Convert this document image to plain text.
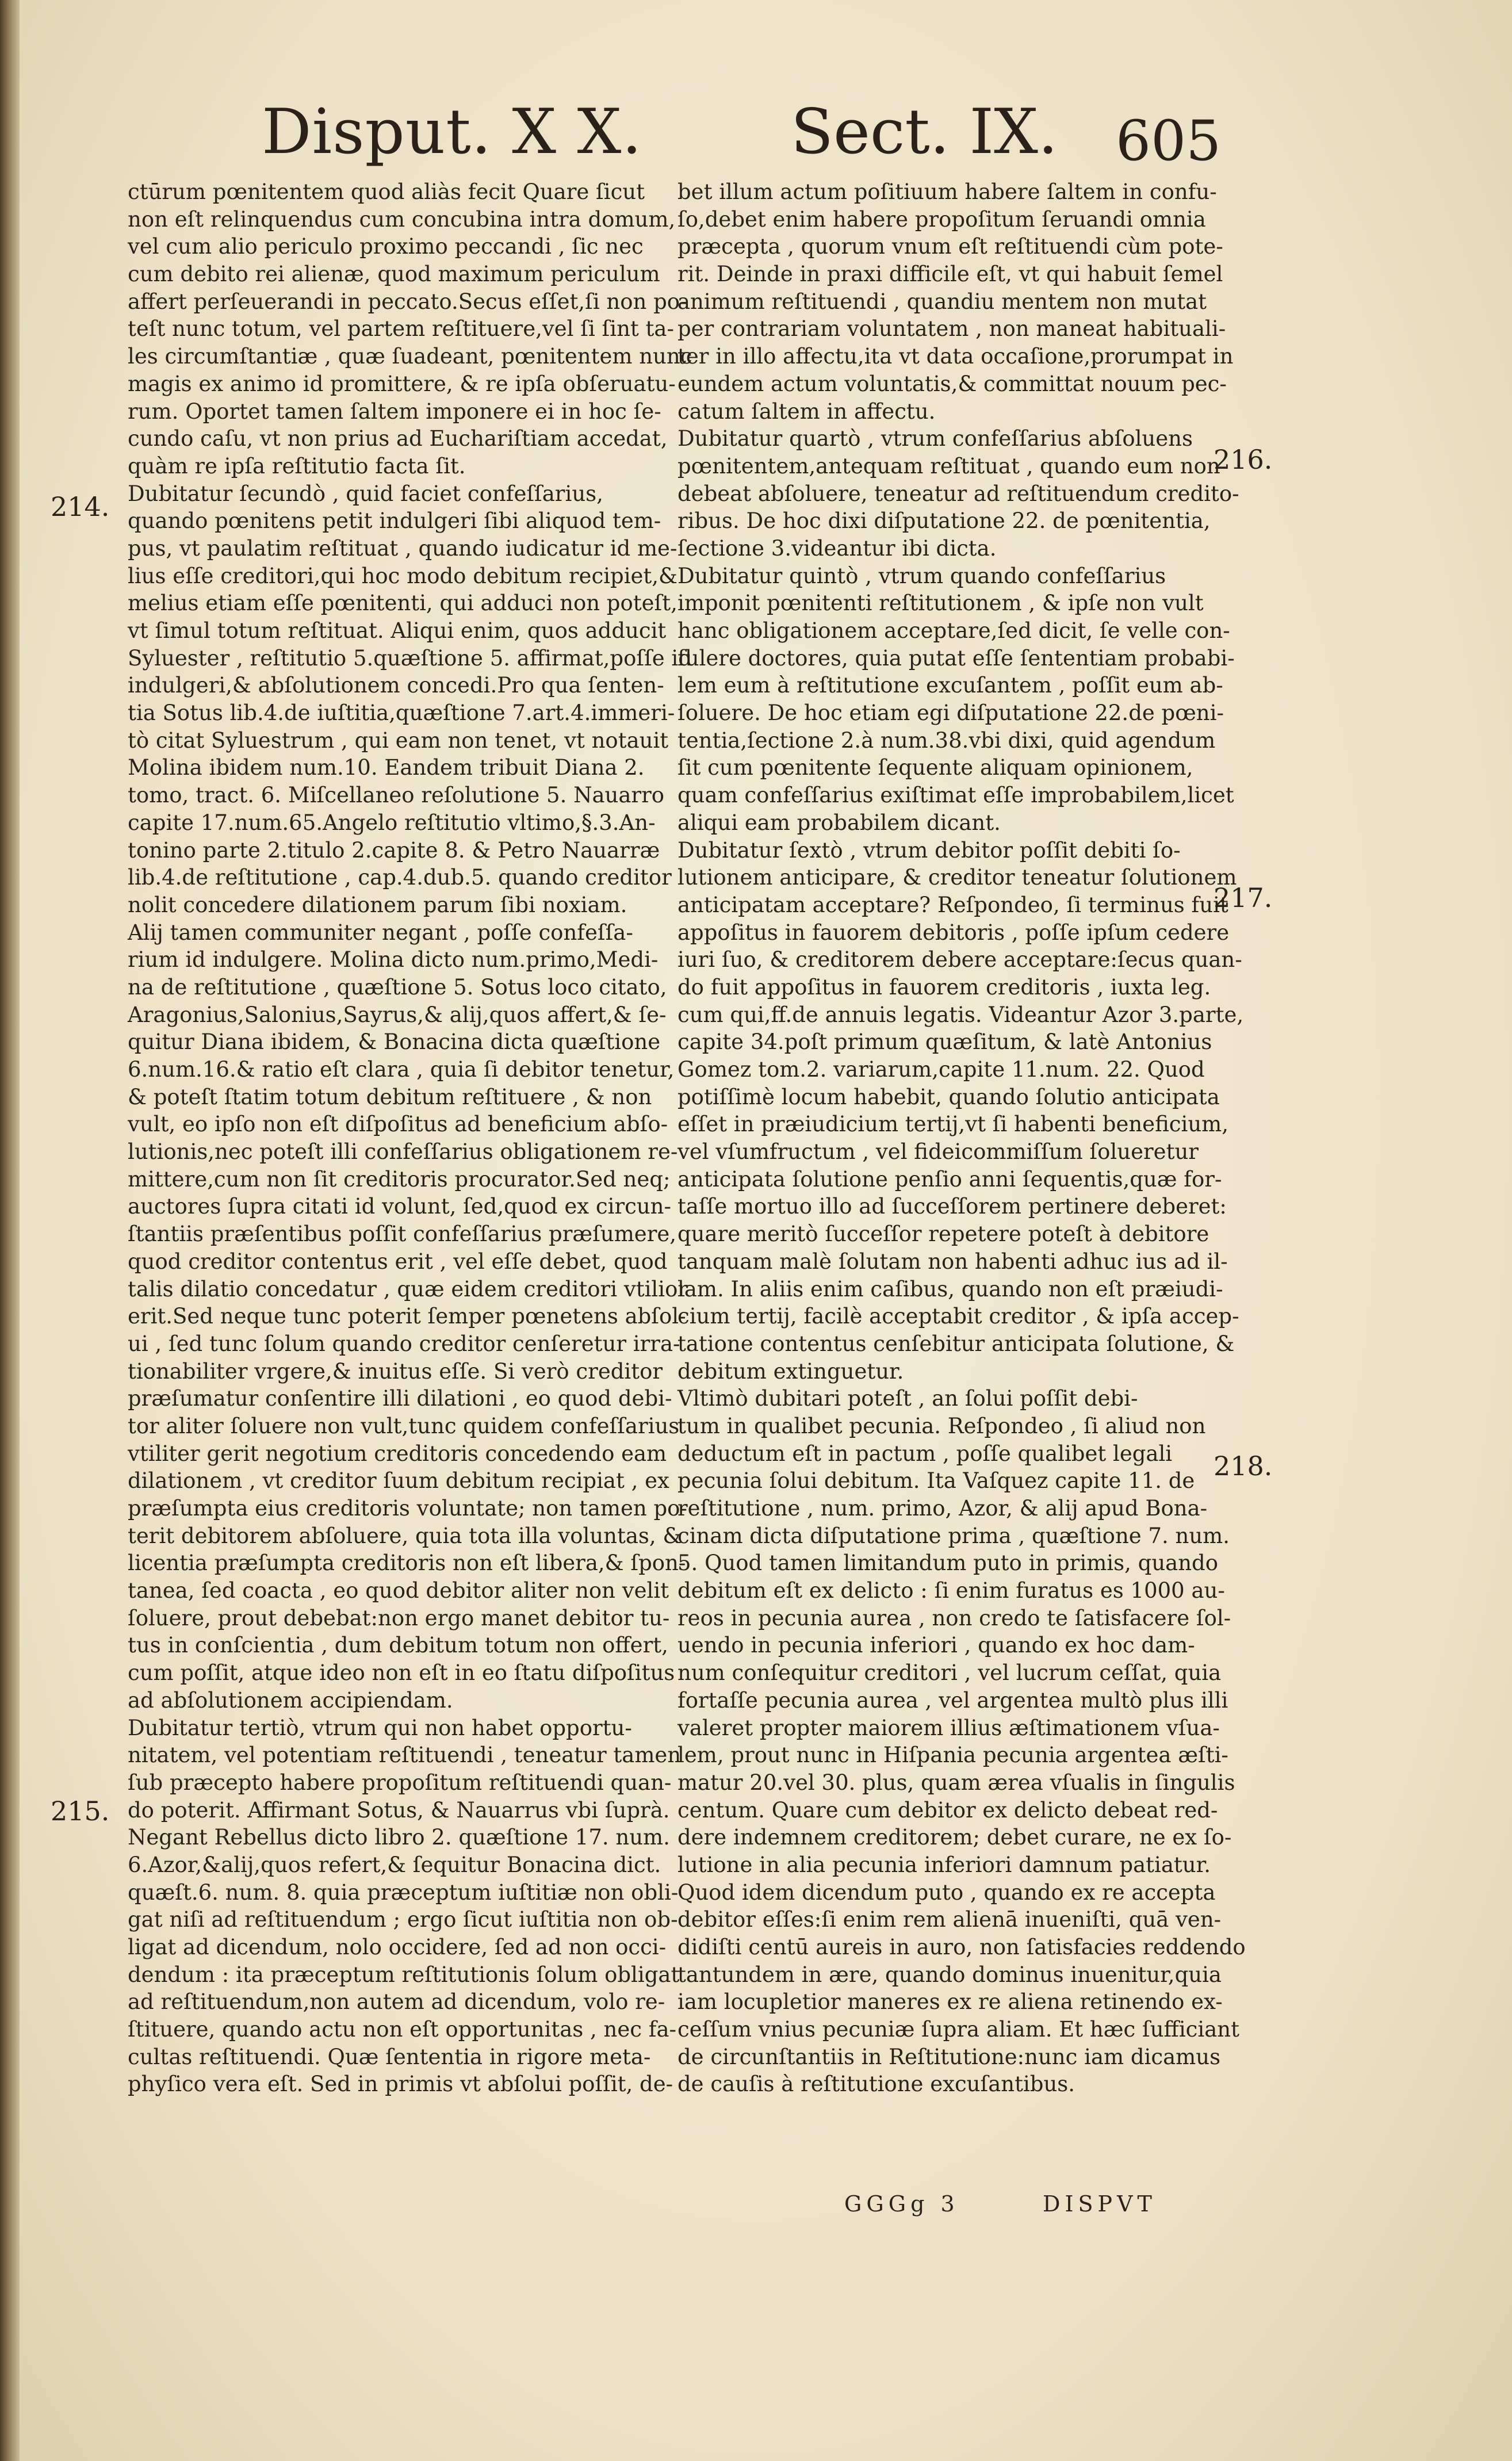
Disput. X X. Sect. IX. 605
214.
215.
216.
217.
218.
ctūrum pœnitentem quod aliàs fecit Quare ſicut
non eſt relinquendus cum concubina intra domum,
vel cum alio periculo proximo peccandi , ſic nec
cum debito rei alienæ, quod maximum periculum
affert perſeuerandi in peccato.Secus eſſet,ſi non po-
teſt nunc totum, vel partem reſtituere,vel ſi ſint ta-
les circumſtantiæ , quæ ſuadeant, pœnitentem nunc
magis ex animo id promittere, & re ipſa obſeruatu-
rum. Oportet tamen ſaltem imponere ei in hoc ſe-
cundo caſu, vt non prius ad Euchariſtiam accedat,
quàm re ipſa reſtitutio facta ſit.
Dubitatur ſecundò , quid faciet confeſſarius,
quando pœnitens petit indulgeri ſibi aliquod tem-
pus, vt paulatim reſtituat , quando iudicatur id me-
lius eſſe creditori,qui hoc modo debitum recipiet,&
melius etiam eſſe pœnitenti, qui adduci non poteſt,
vt ſimul totum reſtituat. Aliqui enim, quos adducit
Syluester , reſtitutio 5.quæſtione 5. affirmat,poſſe id
indulgeri,& abſolutionem concedi.Pro qua ſenten-
tia Sotus lib.4.de iuſtitia,quæſtione 7.art.4.immeri-
tò citat Syluestrum , qui eam non tenet, vt notauit
Molina ibidem num.10. Eandem tribuit Diana 2.
tomo, tract. 6. Miſcellaneo reſolutione 5. Nauarro
capite 17.num.65.Angelo reſtitutio vltimo,§.3.An-
tonino parte 2.titulo 2.capite 8. & Petro Nauarræ
lib.4.de reſtitutione , cap.4.dub.5. quando creditor
nolit concedere dilationem parum ſibi noxiam.
Alij tamen communiter negant , poſſe confeſſa-
rium id indulgere. Molina dicto num.primo,Medi-
na de reſtitutione , quæſtione 5. Sotus loco citato,
Aragonius,Salonius,Sayrus,& alij,quos affert,& ſe-
quitur Diana ibidem, & Bonacina dicta quæſtione
6.num.16.& ratio eſt clara , quia ſi debitor tenetur,
& poteſt ſtatim totum debitum reſtituere , & non
vult, eo ipſo non eſt diſpoſitus ad beneficium abſo-
lutionis,nec poteſt illi confeſſarius obligationem re-
mittere,cum non ſit creditoris procurator.Sed neq;
auctores ſupra citati id volunt, ſed,quod ex circun-
ſtantiis præſentibus poſſit confeſſarius præſumere,
quod creditor contentus erit , vel eſſe debet, quod
talis dilatio concedatur , quæ eidem creditori vtilior
erit.Sed neque tunc poterit ſemper pœnetens abſol-
ui , ſed tunc ſolum quando creditor cenſeretur irra-
tionabiliter vrgere,& inuitus eſſe. Si verò creditor
præſumatur conſentire illi dilationi , eo quod debi-
tor aliter ſoluere non vult,tunc quidem confeſſarius
vtiliter gerit negotium creditoris concedendo eam
dilationem , vt creditor ſuum debitum recipiat , ex
præſumpta eius creditoris voluntate; non tamen po-
terit debitorem abſoluere, quia tota illa voluntas, &
licentia præſumpta creditoris non eſt libera,& ſpon-
tanea, ſed coacta , eo quod debitor aliter non velit
ſoluere, prout debebat:non ergo manet debitor tu-
tus in conſcientia , dum debitum totum non offert,
cum poſſit, atque ideo non eſt in eo ſtatu diſpoſitus
ad abſolutionem accipiendam.
Dubitatur tertiò, vtrum qui non habet opportu-
nitatem, vel potentiam reſtituendi , teneatur tamen
ſub præcepto habere propoſitum reſtituendi quan-
do poterit. Affirmant Sotus, & Nauarrus vbi ſuprà.
Negant Rebellus dicto libro 2. quæſtione 17. num.
6.Azor,&alij,quos refert,& ſequitur Bonacina dict.
quæſt.6. num. 8. quia præceptum iuſtitiæ non obli-
gat niſi ad reſtituendum ; ergo ſicut iuſtitia non ob-
ligat ad dicendum, nolo occidere, ſed ad non occi-
dendum : ita præceptum reſtitutionis ſolum obligat
ad reſtituendum,non autem ad dicendum, volo re-
ſtituere, quando actu non eſt opportunitas , nec fa-
cultas reſtituendi. Quæ ſententia in rigore meta-
phyſico vera eſt. Sed in primis vt abſolui poſſit, de-
bet illum actum poſitiuum habere ſaltem in confu-
ſo,debet enim habere propoſitum ſeruandi omnia
præcepta , quorum vnum eſt reſtituendi cùm pote-
rit. Deinde in praxi difficile eſt, vt qui habuit ſemel
animum reſtituendi , quandiu mentem non mutat
per contrariam voluntatem , non maneat habituali-
ter in illo affectu,ita vt data occaſione,prorumpat in
eundem actum voluntatis,& committat nouum pec-
catum ſaltem in affectu.
Dubitatur quartò , vtrum confeſſarius abſoluens
pœnitentem,antequam reſtituat , quando eum non
debeat abſoluere, teneatur ad reſtituendum credito-
ribus. De hoc dixi diſputatione 22. de pœnitentia,
ſectione 3.videantur ibi dicta.
Dubitatur quintò , vtrum quando confeſſarius
imponit pœnitenti reſtitutionem , & ipſe non vult
hanc obligationem acceptare,ſed dicit, ſe velle con-
ſulere doctores, quia putat eſſe ſententiam probabi-
lem eum à reſtitutione excuſantem , poſſit eum ab-
ſoluere. De hoc etiam egi diſputatione 22.de pœni-
tentia,ſectione 2.à num.38.vbi dixi, quid agendum
ſit cum pœnitente ſequente aliquam opinionem,
quam confeſſarius exiſtimat eſſe improbabilem,licet
aliqui eam probabilem dicant.
Dubitatur ſextò , vtrum debitor poſſit debiti ſo-
lutionem anticipare, & creditor teneatur ſolutionem
anticipatam acceptare? Reſpondeo, ſi terminus fuit
appoſitus in fauorem debitoris , poſſe ipſum cedere
iuri ſuo, & creditorem debere acceptare:ſecus quan-
do fuit appoſitus in fauorem creditoris , iuxta leg.
cum qui,ff.de annuis legatis. Videantur Azor 3.parte,
capite 34.poſt primum quæſitum, & latè Antonius
Gomez tom.2. variarum,capite 11.num. 22. Quod
potiſſimè locum habebit, quando ſolutio anticipata
eſſet in præiudicium tertij,vt ſi habenti beneficium,
vel vſumfructum , vel fideicommiſſum ſolueretur
anticipata ſolutione penſio anni ſequentis,quæ for-
taſſe mortuo illo ad ſucceſſorem pertinere deberet:
quare meritò ſucceſſor repetere poteſt à debitore
tanquam malè ſolutam non habenti adhuc ius ad il-
lam. In aliis enim caſibus, quando non eſt præiudi-
cium tertij, facilè acceptabit creditor , & ipſa accep-
tatione contentus cenſebitur anticipata ſolutione, &
debitum extinguetur.
Vltimò dubitari poteſt , an ſolui poſſit debi-
tum in qualibet pecunia. Reſpondeo , ſi aliud non
deductum eſt in pactum , poſſe qualibet legali
pecunia ſolui debitum. Ita Vaſquez capite 11. de
reſtitutione , num. primo, Azor, & alij apud Bona-
cinam dicta diſputatione prima , quæſtione 7. num.
5. Quod tamen limitandum puto in primis, quando
debitum eſt ex delicto : ſi enim furatus es 1000 au-
reos in pecunia aurea , non credo te ſatisfacere ſol-
uendo in pecunia inferiori , quando ex hoc dam-
num conſequitur creditori , vel lucrum ceſſat, quia
fortaſſe pecunia aurea , vel argentea multò plus illi
valeret propter maiorem illius æſtimationem vſua-
lem, prout nunc in Hiſpania pecunia argentea æſti-
matur 20.vel 30. plus, quam ærea vſualis in ſingulis
centum. Quare cum debitor ex delicto debeat red-
dere indemnem creditorem; debet curare, ne ex ſo-
lutione in alia pecunia inferiori damnum patiatur.
Quod idem dicendum puto , quando ex re accepta
debitor eſſes:ſi enim rem alienā inueniſti, quā ven-
didiſti centū aureis in auro, non ſatisfacies reddendo
tantundem in ære, quando dominus inuenitur,quia
iam locupletior maneres ex re aliena retinendo ex-
ceſſum vnius pecuniæ ſupra aliam. Et hæc ſufficiant
de circunſtantiis in Reſtitutione:nunc iam dicamus
de cauſis à reſtitutione excuſantibus.
GGGg 3	DISPVT
